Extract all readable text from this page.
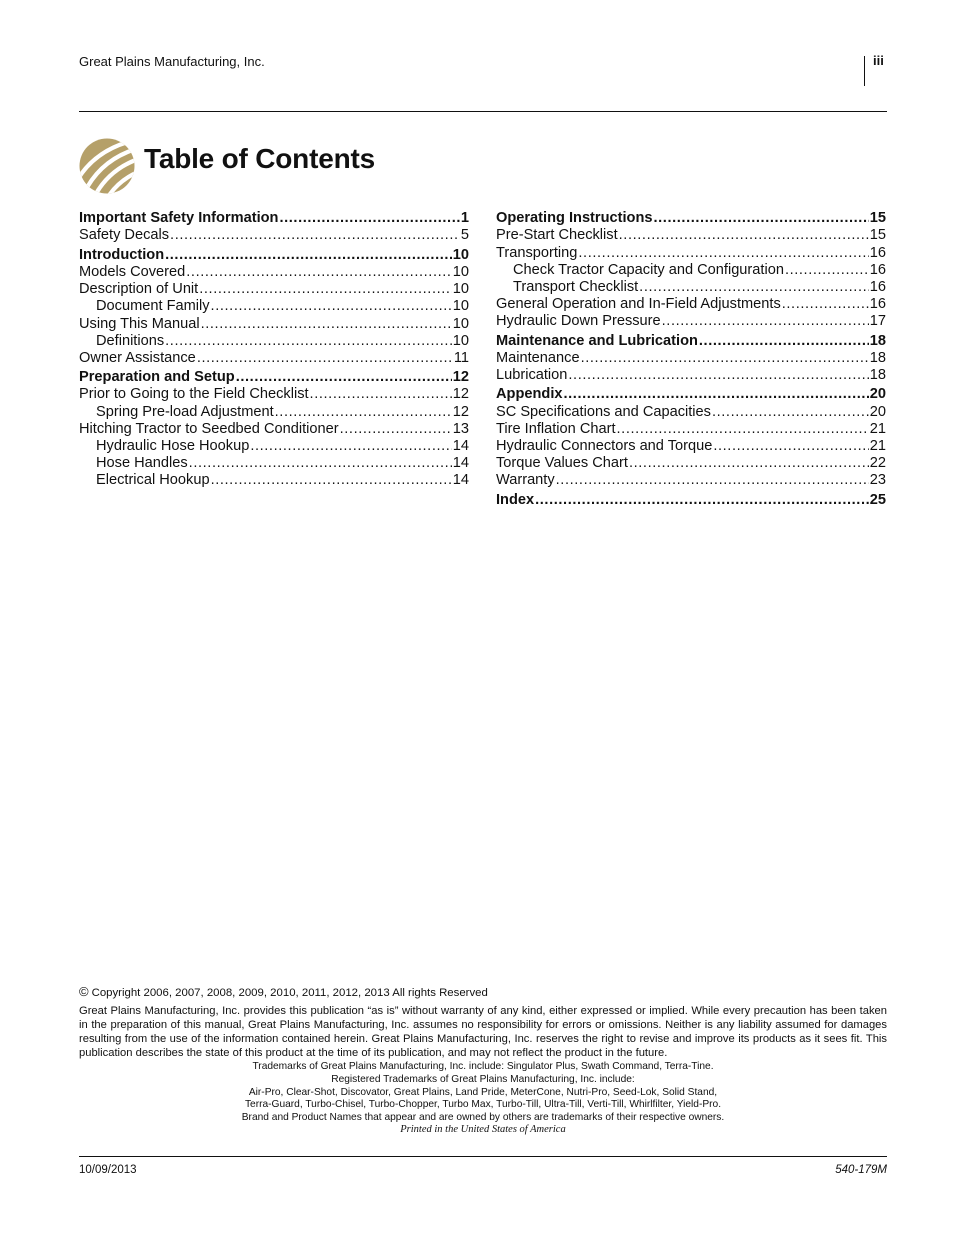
Great Plains Manufacturing, Inc.	iii
Table of Contents
Important Safety Information .....	1
Safety Decals .....	5
Introduction .....	10
Models Covered .....	10
Description of Unit .....	10
Document Family .....	10
Using This Manual .....	10
Definitions .....	10
Owner Assistance .....	11
Preparation and Setup .....	12
Prior to Going to the Field Checklist .....	12
Spring Pre-load Adjustment .....	12
Hitching Tractor to Seedbed Conditioner .....	13
Hydraulic Hose Hookup .....	14
Hose Handles .....	14
Electrical Hookup .....	14
Operating Instructions .....	15
Pre-Start Checklist .....	15
Transporting .....	16
Check Tractor Capacity and Configuration .....	16
Transport Checklist .....	16
General Operation and In-Field Adjustments .....	16
Hydraulic Down Pressure .....	17
Maintenance and Lubrication .....	18
Maintenance .....	18
Lubrication .....	18
Appendix .....	20
SC Specifications and Capacities .....	20
Tire Inflation Chart .....	21
Hydraulic Connectors and Torque .....	21
Torque Values Chart .....	22
Warranty .....	23
Index .....	25
© Copyright 2006, 2007, 2008, 2009, 2010, 2011, 2012, 2013 All rights Reserved
Great Plains Manufacturing, Inc. provides this publication “as is” without warranty of any kind, either expressed or implied. While every precaution has been taken in the preparation of this manual, Great Plains Manufacturing, Inc. assumes no responsibility for errors or omissions. Neither is any liability assumed for damages resulting from the use of the information contained herein. Great Plains Manufacturing, Inc. reserves the right to revise and improve its products as it sees fit. This publication describes the state of this product at the time of its publication, and may not reflect the product in the future.
Trademarks of Great Plains Manufacturing, Inc. include: Singulator Plus, Swath Command, Terra-Tine.
Registered Trademarks of Great Plains Manufacturing, Inc. include:
Air-Pro, Clear-Shot, Discovator, Great Plains, Land Pride, MeterCone, Nutri-Pro, Seed-Lok, Solid Stand,
Terra-Guard, Turbo-Chisel, Turbo-Chopper, Turbo Max, Turbo-Till, Ultra-Till, Verti-Till, Whirlfilter, Yield-Pro.
Brand and Product Names that appear and are owned by others are trademarks of their respective owners.
Printed in the United States of America
10/09/2013	540-179M
